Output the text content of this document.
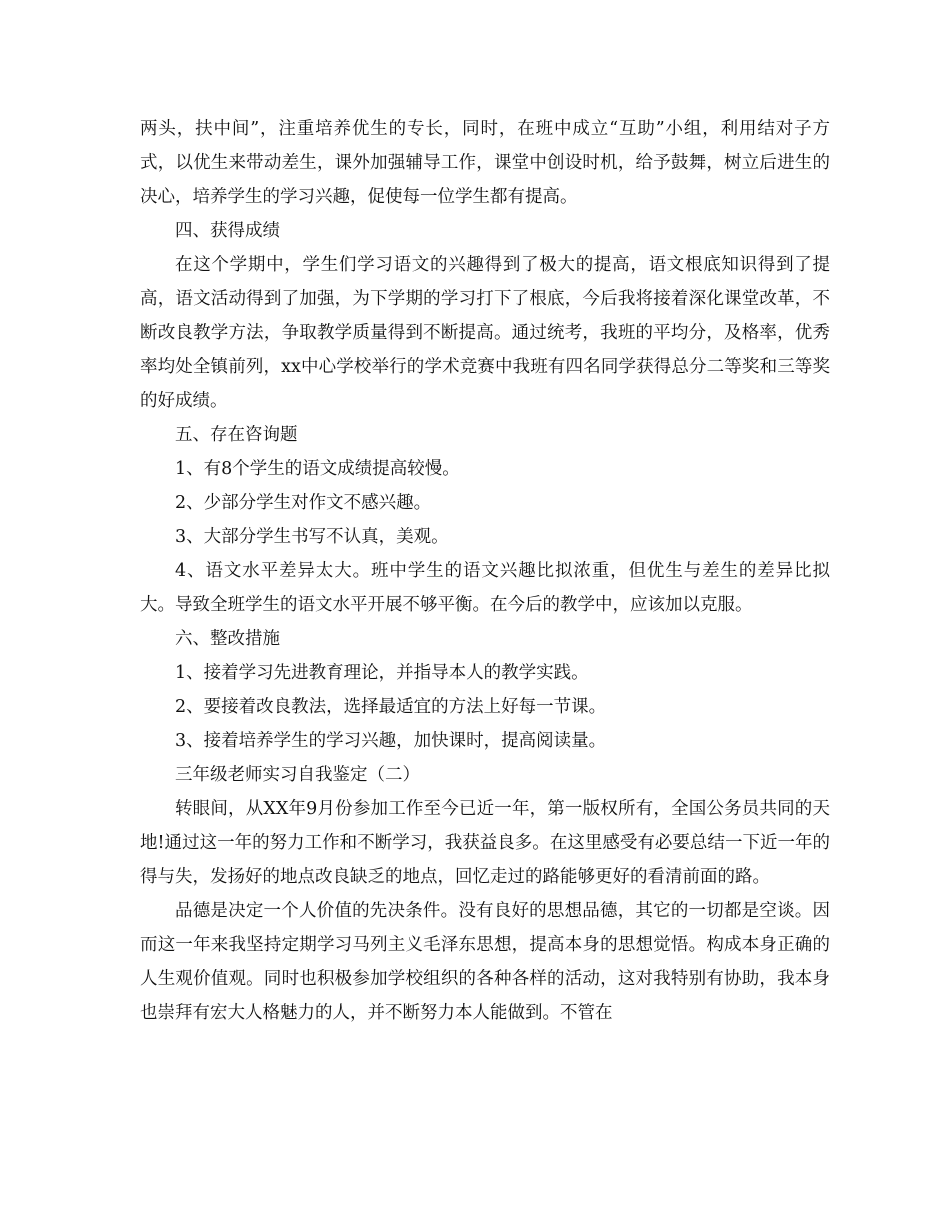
两头，扶中间”，注重培养优生的专长，同时，在班中成立“互助”小组，利用结对子方式，以优生来带动差生，课外加强辅导工作，课堂中创设时机，给予鼓舞，树立后进生的决心，培养学生的学习兴趣，促使每一位学生都有提高。

四、获得成绩

在这个学期中，学生们学习语文的兴趣得到了极大的提高，语文根底知识得到了提高，语文活动得到了加强，为下学期的学习打下了根底，今后我将接着深化课堂改革，不断改良教学方法，争取教学质量得到不断提高。通过统考，我班的平均分，及格率，优秀率均处全镇前列，xx中心学校举行的学术竞赛中我班有四名同学获得总分二等奖和三等奖的好成绩。

五、存在咨询题

1、有8个学生的语文成绩提高较慢。

2、少部分学生对作文不感兴趣。

3、大部分学生书写不认真，美观。

4、语文水平差异太大。班中学生的语文兴趣比拟浓重，但优生与差生的差异比拟大。导致全班学生的语文水平开展不够平衡。在今后的教学中，应该加以克服。

六、整改措施

1、接着学习先进教育理论，并指导本人的教学实践。

2、要接着改良教法，选择最适宜的方法上好每一节课。

3、接着培养学生的学习兴趣，加快课时，提高阅读量。

三年级老师实习自我鉴定（二）

转眼间，从XX年9月份参加工作至今已近一年，第一版权所有，全国公务员共同的天地!通过这一年的努力工作和不断学习，我获益良多。在这里感受有必要总结一下近一年的得与失，发扬好的地点改良缺乏的地点，回忆走过的路能够更好的看清前面的路。

品德是决定一个人价值的先决条件。没有良好的思想品德，其它的一切都是空谈。因而这一年来我坚持定期学习马列主义毛泽东思想，提高本身的思想觉悟。构成本身正确的人生观价值观。同时也积极参加学校组织的各种各样的活动，这对我特别有协助，我本身也崇拜有宏大人格魅力的人，并不断努力本人能做到。不管在
